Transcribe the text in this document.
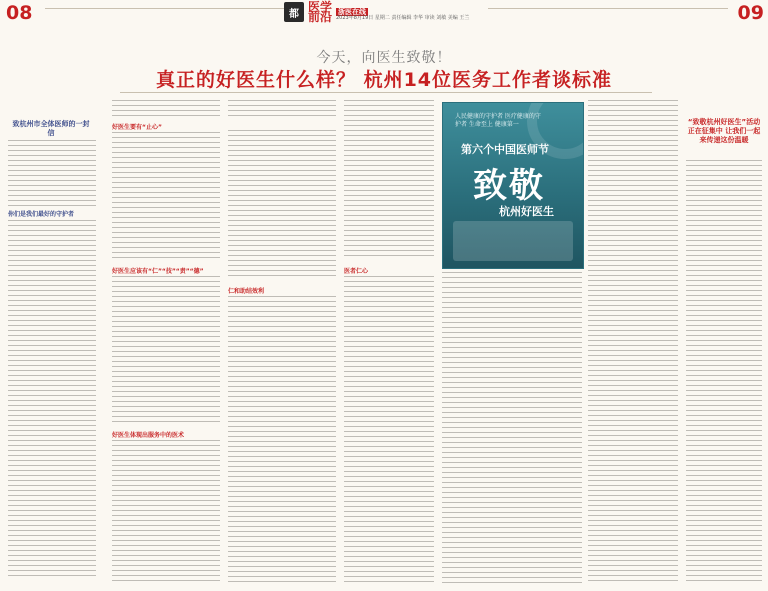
08	都 医学 前沿 浙医在线
2023年8月19日 星期二 责任编辑 李华 审读 刘敏 美编 王兰	09
今天，向医生致敬！
真正的好医生什么样？ 杭州14位医务工作者谈标准
致杭州市全体医师的一封信
你们是我们最好的守护者
好医生要有“止心”
好医生应该有“仁”“技”“责”“德”
好医生体现出服务中的医术
仁和助结效利
医者仁心
人民健康的守护者 医疗健康的守护者 生命至上 健康第一
第六个中国医师节
致敬
杭州好医生
“致敬杭州好医生”活动正在征集中 让我们一起来传递这份温暖
